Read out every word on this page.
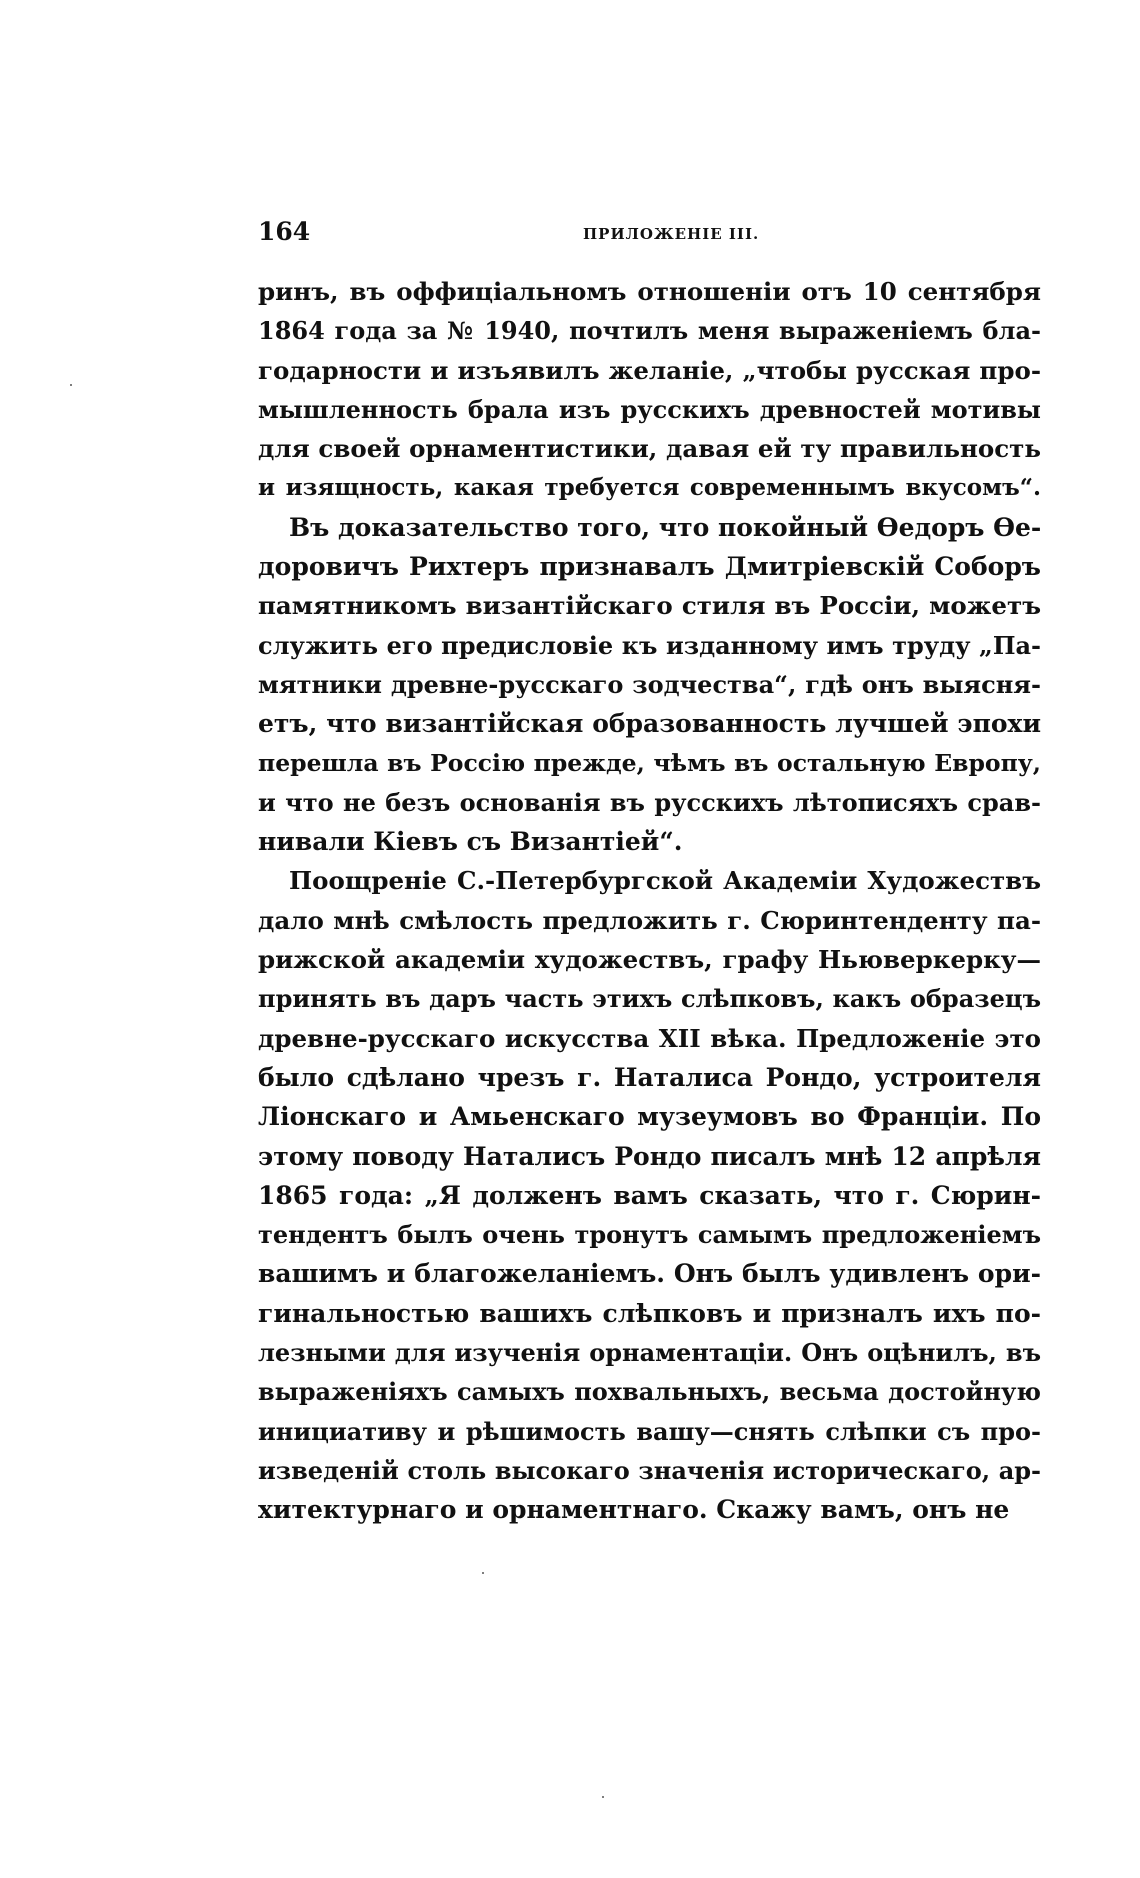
164	ПРИЛОЖЕНІЕ III.
ринъ, въ оффиціальномъ отношеніи отъ 10 сентября
1864 года за № 1940, почтилъ меня выраженіемъ бла-
годарности и изъявилъ желаніе, „чтобы русская про-
мышленность брала изъ русскихъ древностей мотивы
для своей орнаментистики, давая ей ту правильность
и изящность, какая требуется современнымъ вкусомъ“.
Въ доказательство того, что покойный Ѳедоръ Ѳе-
доровичъ Рихтеръ признавалъ Дмитріевскій Соборъ
памятникомъ византійскаго стиля въ Россіи, можетъ
служить его предисловіе къ изданному имъ труду „Па-
мятники древне-русскаго зодчества“, гдѣ онъ выясня-
етъ, что византійская образованность лучшей эпохи
перешла въ Россію прежде, чѣмъ въ остальную Европу,
и что не безъ основанія въ русскихъ лѣтописяхъ срав-
нивали Кіевъ съ Византіей“.
Поощреніе С.-Петербургской Академіи Художествъ
дало мнѣ смѣлость предложить г. Сюринтенденту па-
рижской академіи художествъ, графу Ньюверкерку—
принять въ даръ часть этихъ слѣпковъ, какъ образецъ
древне-русскаго искусства XII вѣка. Предложеніе это
было сдѣлано чрезъ г. Наталиса Рондо, устроителя
Ліонскаго и Амьенскаго музеумовъ во Франціи. По
этому поводу Наталисъ Рондо писалъ мнѣ 12 апрѣля
1865 года: „Я долженъ вамъ сказать, что г. Сюрин-
тендентъ былъ очень тронутъ самымъ предложеніемъ
вашимъ и благожеланіемъ. Онъ былъ удивленъ ори-
гинальностью вашихъ слѣпковъ и призналъ ихъ по-
лезными для изученія орнаментаціи. Онъ оцѣнилъ, въ
выраженіяхъ самыхъ похвальныхъ, весьма достойную
инициативу и рѣшимость вашу—снять слѣпки съ про-
изведеній столь высокаго значенія историческаго, ар-
хитектурнаго и орнаментнаго. Скажу вамъ, онъ не
